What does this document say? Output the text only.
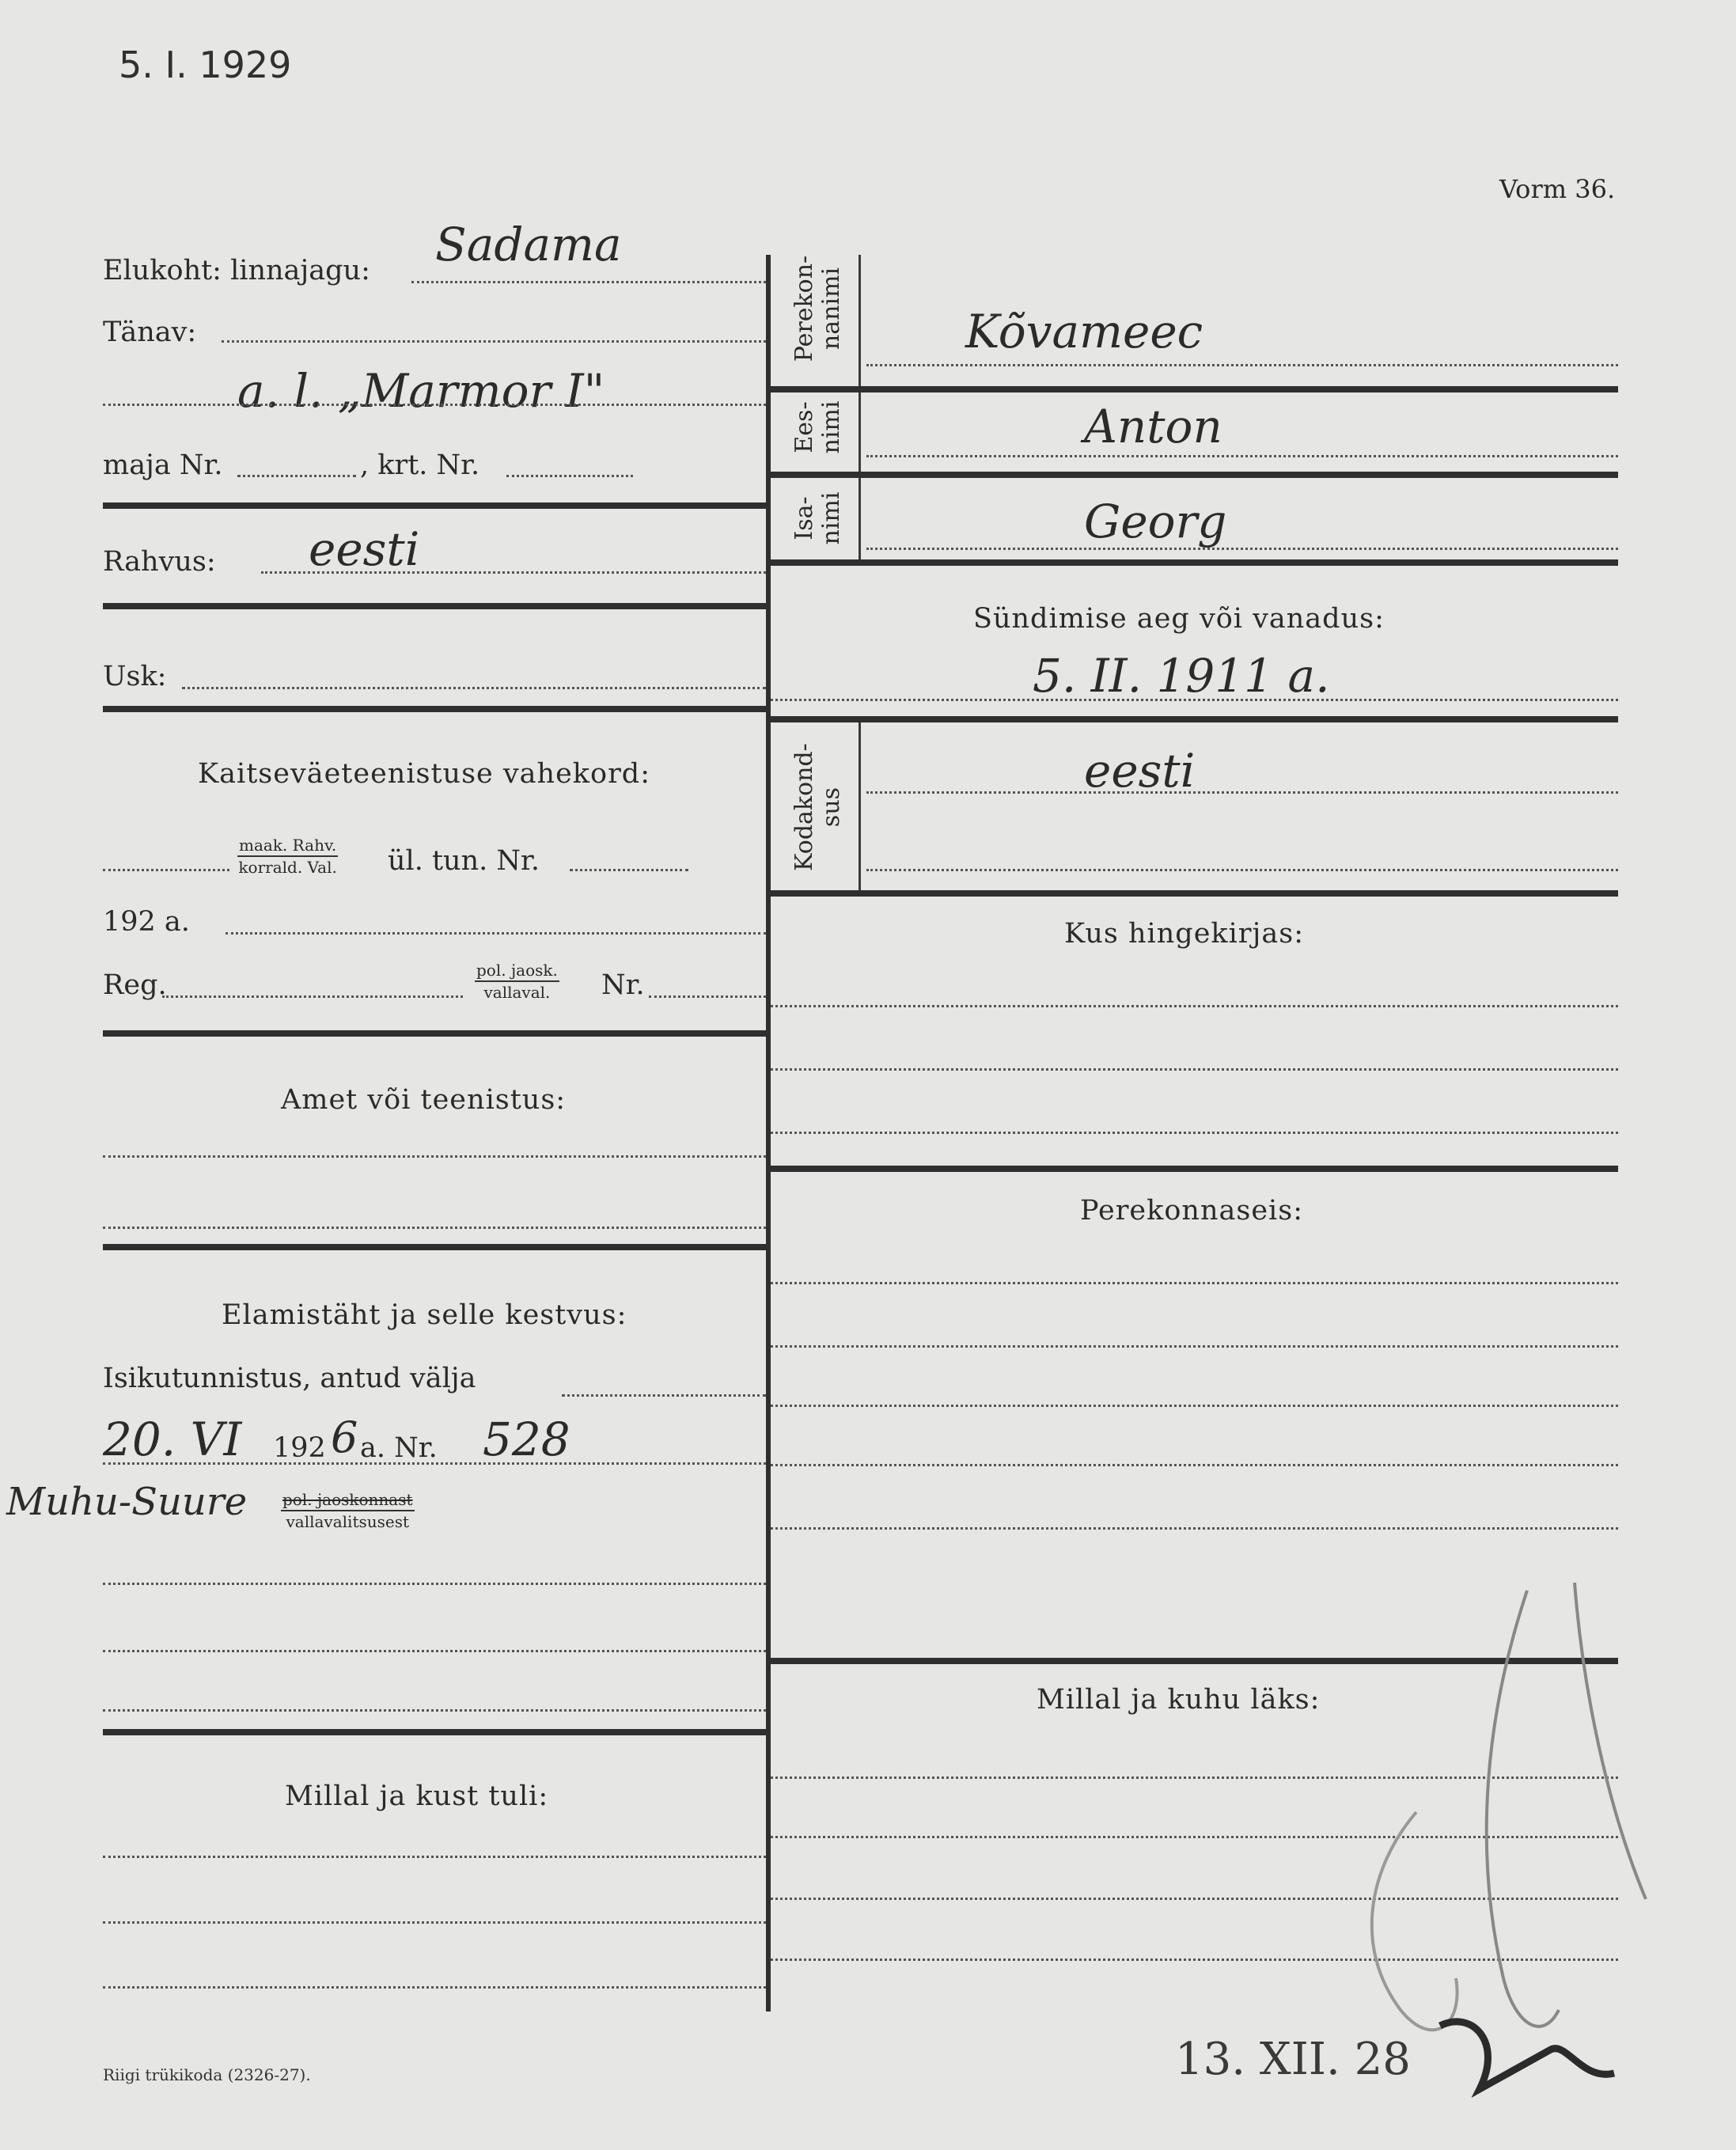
5. I. 1929
Vorm 36.
Elukoht: linnajagu: Sadama
Tänav:
a. l. „Marmor I"
maja Nr.	, krt. Nr.
Rahvus: eesti
Usk:
Kaitseväeteenistuse vahekord:
maak. Rahv.
korrald. Val. ül. tun. Nr.
192 a.
Reg.	pol. jaosk.
vallaval.	Nr.
Amet või teenistus:
Elamistäht ja selle kestvus:
Isikutunnistus, antud välja
20. VI 192 6 a. Nr. 528
Muhu-Suure pol. jaoskonnast
vallavalitsusest
Millal ja kust tuli:
Riigi trükikoda (2326-27).
Perekon-
nanimi	Kõvameeс
Ees-
nimi	Anton
Isa-
nimi	Georg
Sündimise aeg või vanadus:
5. II. 1911 a.
Kodakond-
sus
eesti
Kus hingekirjas:
Perekonnaseis:
Millal ja kuhu läks:
13. XII. 28
